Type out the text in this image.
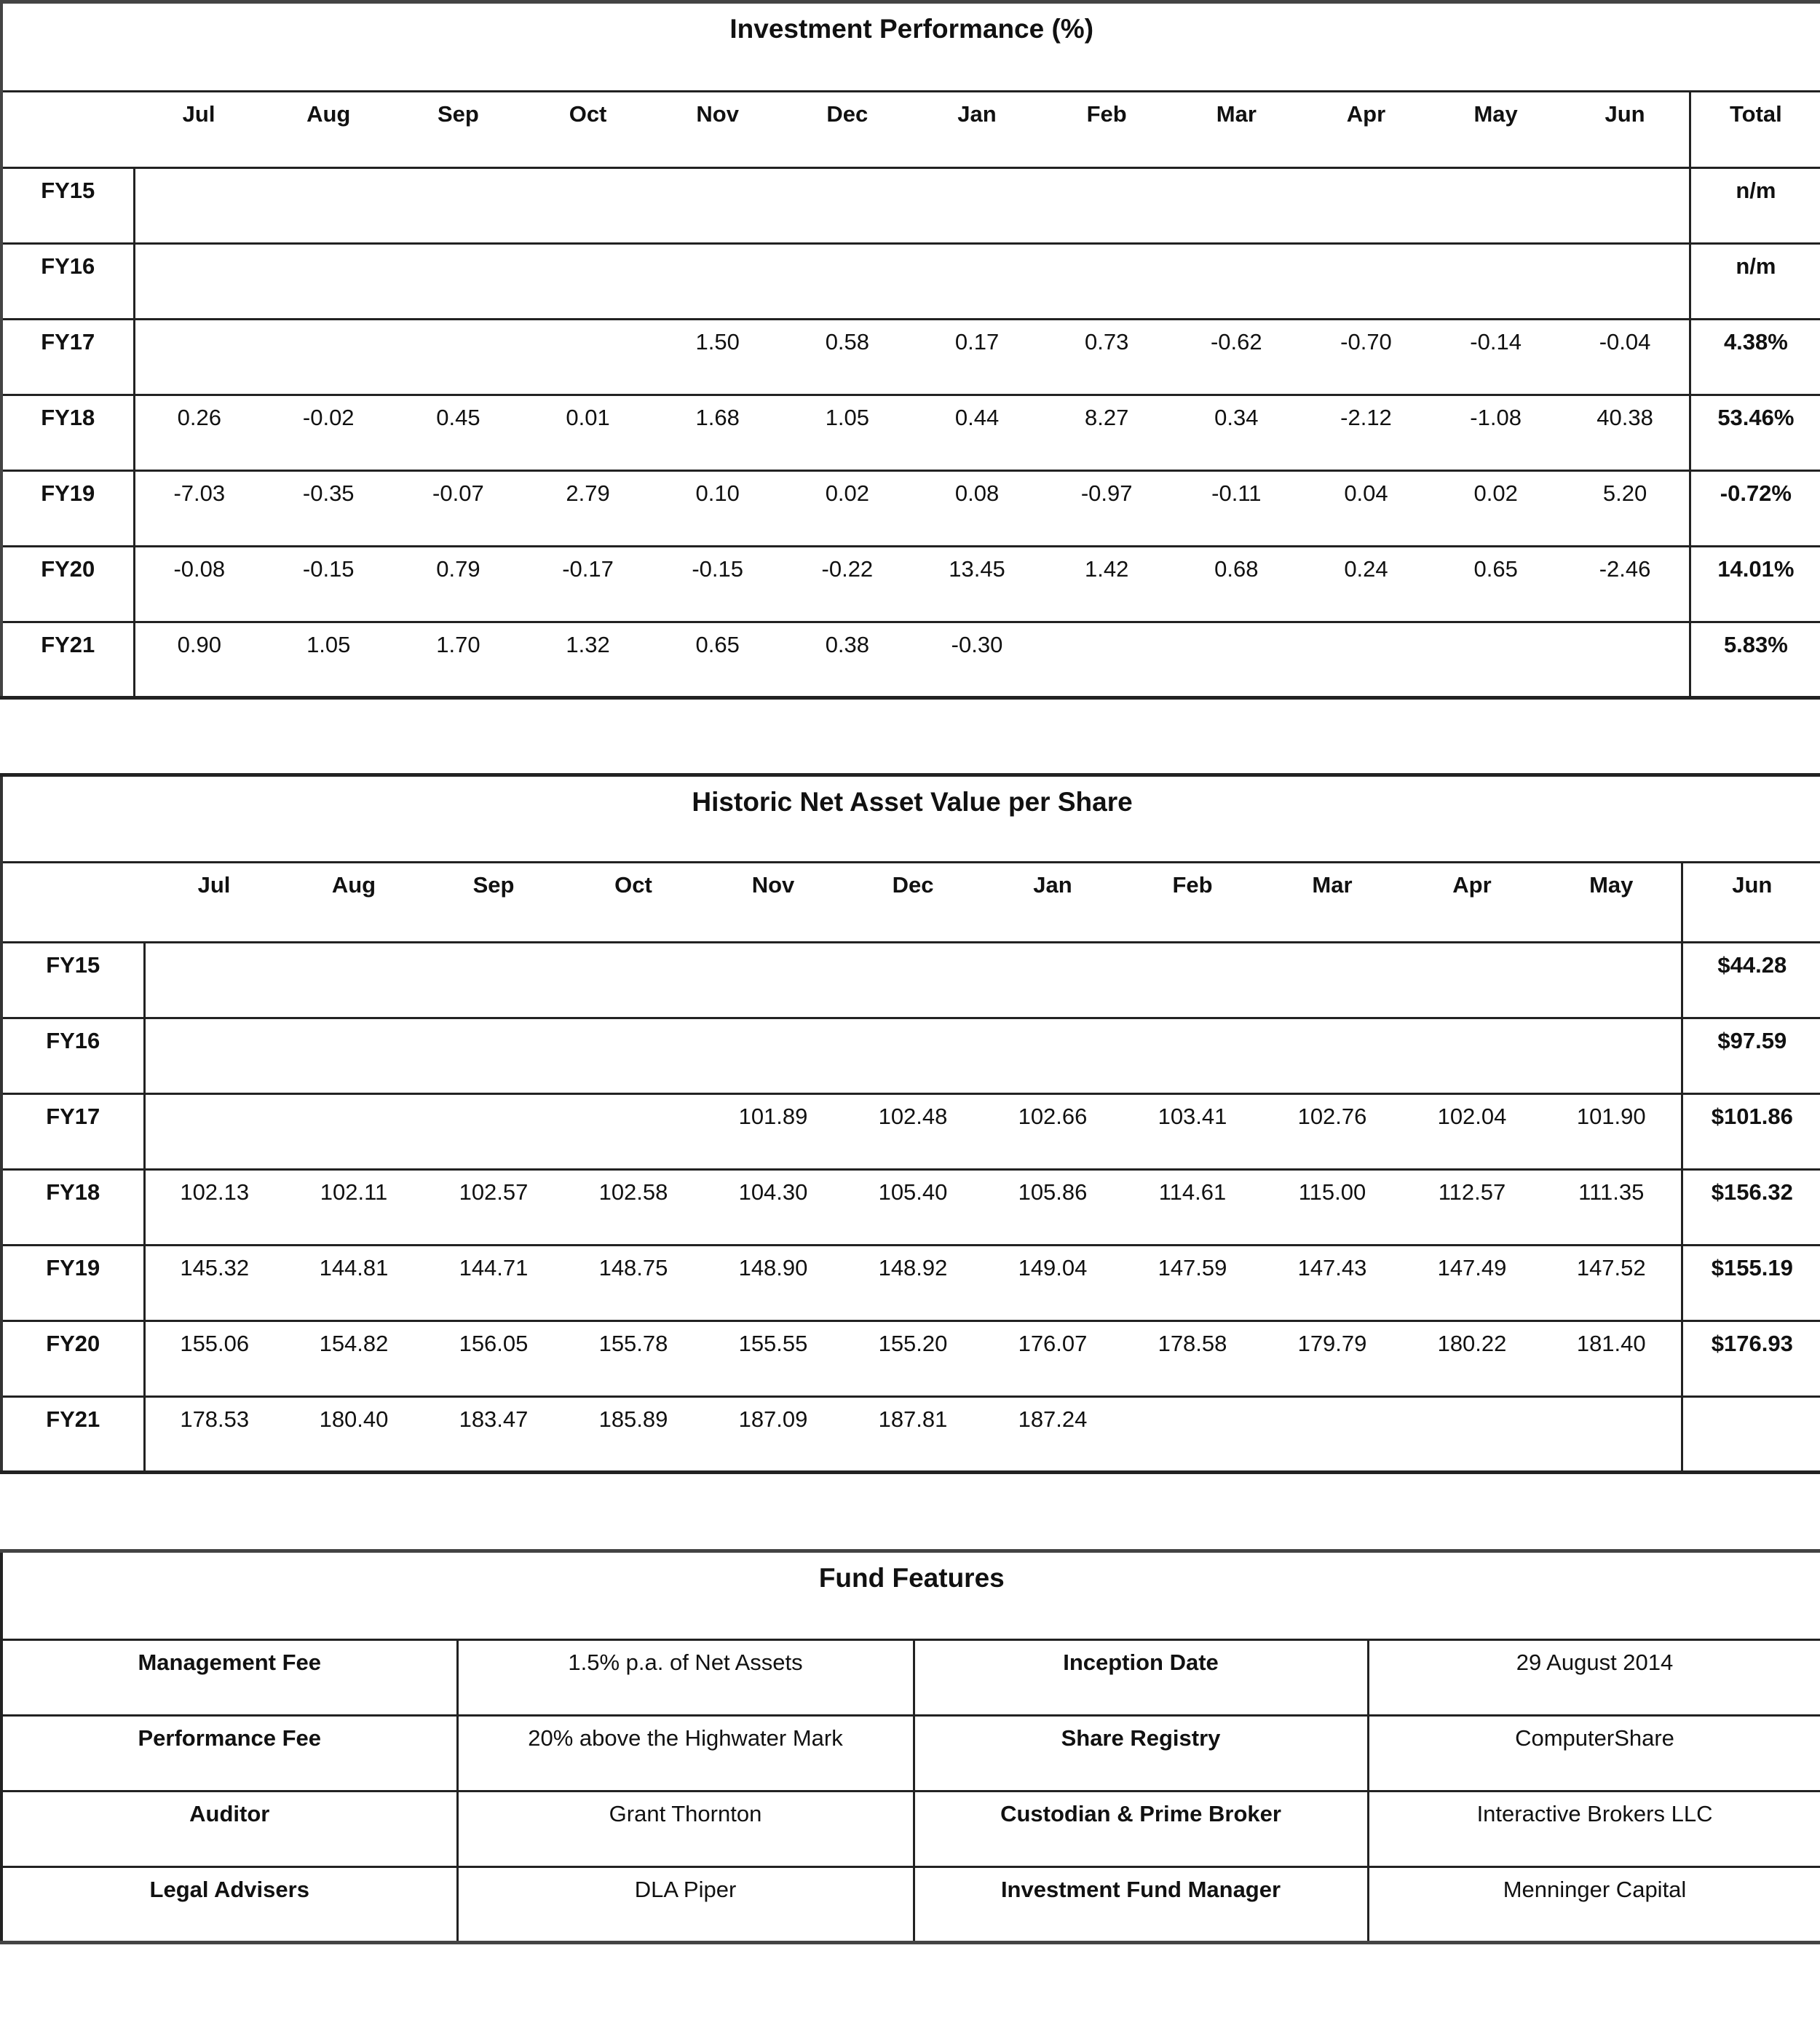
Investment Performance (%)													
	Jul	Aug	Sep	Oct	Nov	Dec	Jan	Feb	Mar	Apr	May	Jun	Total
FY15													n/m
FY16													n/m
FY17					1.50	0.58	0.17	0.73	-0.62	-0.70	-0.14	-0.04	4.38%
FY18	0.26	-0.02	0.45	0.01	1.68	1.05	0.44	8.27	0.34	-2.12	-1.08	40.38	53.46%
FY19	-7.03	-0.35	-0.07	2.79	0.10	0.02	0.08	-0.97	-0.11	0.04	0.02	5.20	-0.72%
FY20	-0.08	-0.15	0.79	-0.17	-0.15	-0.22	13.45	1.42	0.68	0.24	0.65	-2.46	14.01%
FY21	0.90	1.05	1.70	1.32	0.65	0.38	-0.30						5.83%
Historic Net Asset Value per Share												
	Jul	Aug	Sep	Oct	Nov	Dec	Jan	Feb	Mar	Apr	May	Jun
FY15												$44.28
FY16												$97.59
FY17					101.89	102.48	102.66	103.41	102.76	102.04	101.90	$101.86
FY18	102.13	102.11	102.57	102.58	104.30	105.40	105.86	114.61	115.00	112.57	111.35	$156.32
FY19	145.32	144.81	144.71	148.75	148.90	148.92	149.04	147.59	147.43	147.49	147.52	$155.19
FY20	155.06	154.82	156.05	155.78	155.55	155.20	176.07	178.58	179.79	180.22	181.40	$176.93
FY21	178.53	180.40	183.47	185.89	187.09	187.81	187.24					
Fund Features			
Management Fee	1.5% p.a. of Net Assets	Inception Date	29 August 2014
Performance Fee	20% above the Highwater Mark	Share Registry	ComputerShare
Auditor	Grant Thornton	Custodian & Prime Broker	Interactive Brokers LLC
Legal Advisers	DLA Piper	Investment Fund Manager	Menninger Capital
